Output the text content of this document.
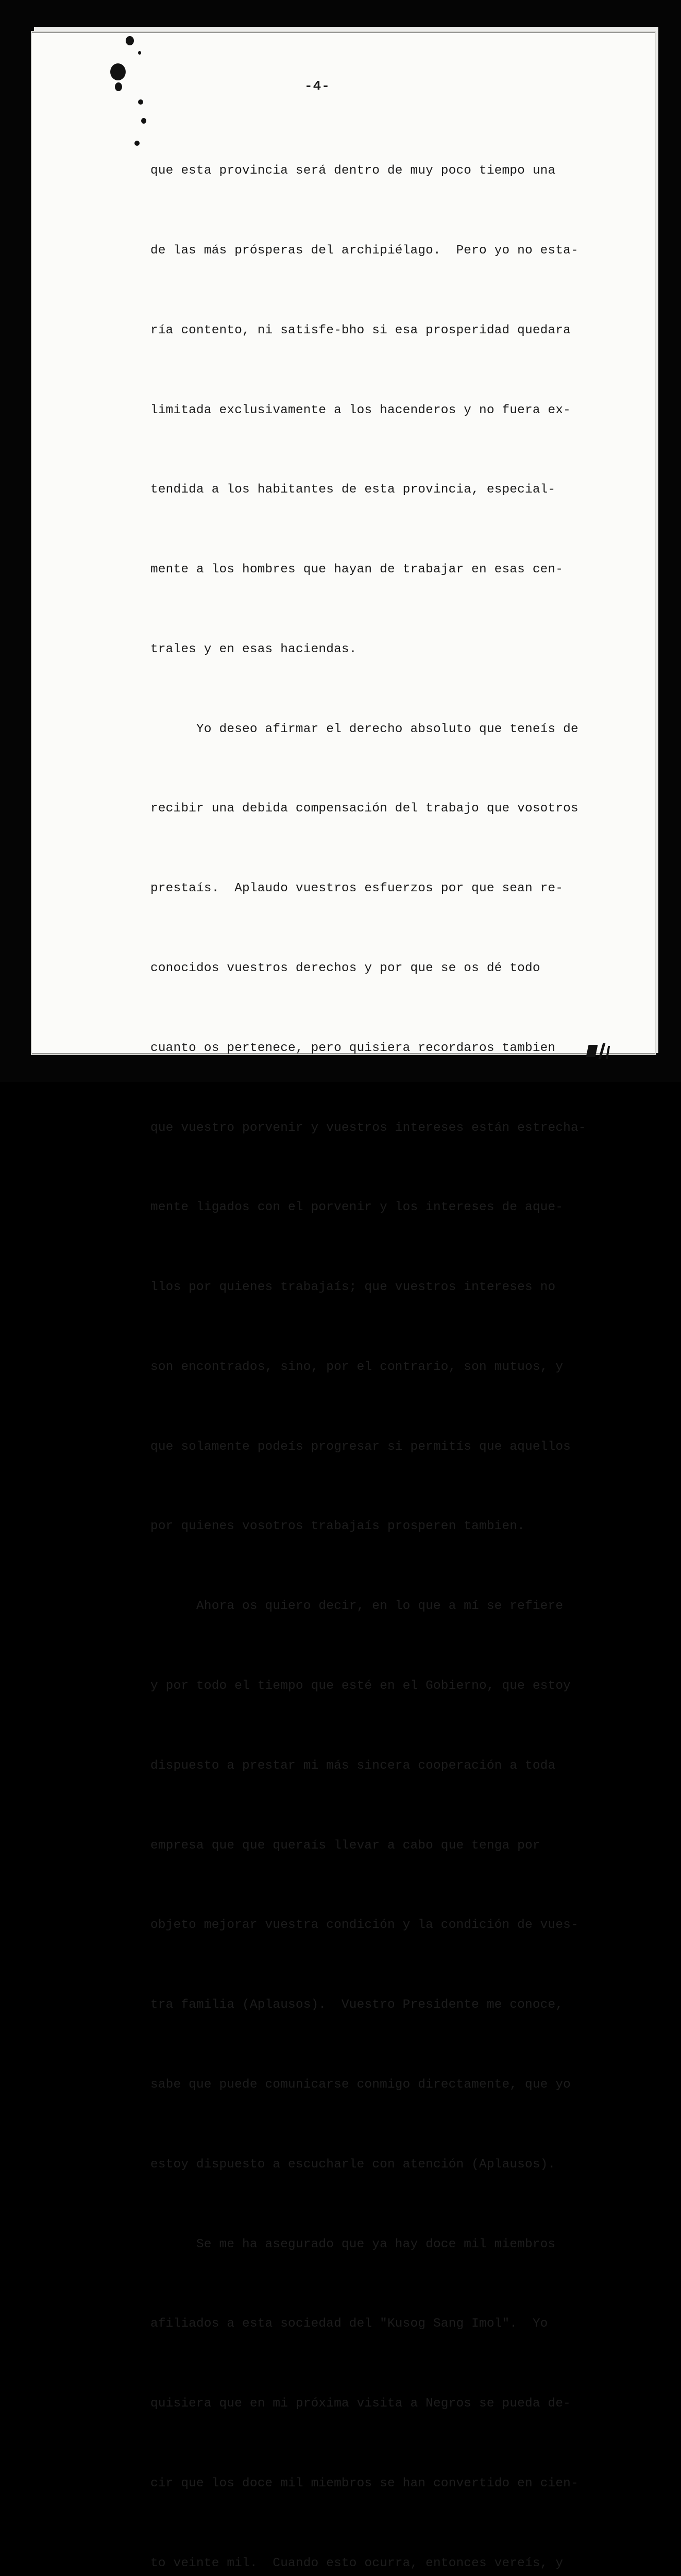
-4-

que esta provincia será dentro de muy poco tiempo una

de las más prósperas del archipiélago.  Pero yo no esta-

ría contento, ni satisfe-bho si esa prosperidad quedara

limitada exclusivamente a los hacenderos y no fuera ex-

tendida a los habitantes de esta provincia, especial-

mente a los hombres que hayan de trabajar en esas cen-

trales y en esas haciendas.

Yo deseo afirmar el derecho absoluto que teneís de

recibir una debida compensación del trabajo que vosotros

prestaís.  Aplaudo vuestros esfuerzos por que sean re-

conocidos vuestros derechos y por que se os dé todo

cuanto os pertenece, pero quisiera recordaros tambien

que vuestro porvenir y vuestros intereses están estrecha-

mente ligados con el porvenir y los intereses de aque-

llos por quienes trabajaís; que vuestros intereses no

son encontrados, sino, por el contrario, son mutuos, y

que solamente podeís progresar si permitís que aquellos

por quienes vosotros trabajaís prosperen tambien.

Ahora os quiero decir, en lo que a mí se refiere

y por todo el tiempo que esté en el Gobierno, que estoy

dispuesto a prestar mi más sincera cooperación a toda

empresa que que queraís llevar a cabo que tenga por

objeto mejorar vuestra condición y la condición de vues-

tra familia (Aplausos).  Vuestro Presidente me conoce,

sabe que puede comunicarse conmigo directamente, que yo

estoy dispuesto a escucharle con atención (Aplausos).

Se me ha asegurado que ya hay doce mil miembros

afiliados a esta sociedad del "Kusog Sang Imol".  Yo

quisiera que en mi próxima visita a Negros se pueda de-

cir que los doce mil miembros se han convertido en cien-

to veinte mil.  Cuando esto ocurra, entonces vereís, y
